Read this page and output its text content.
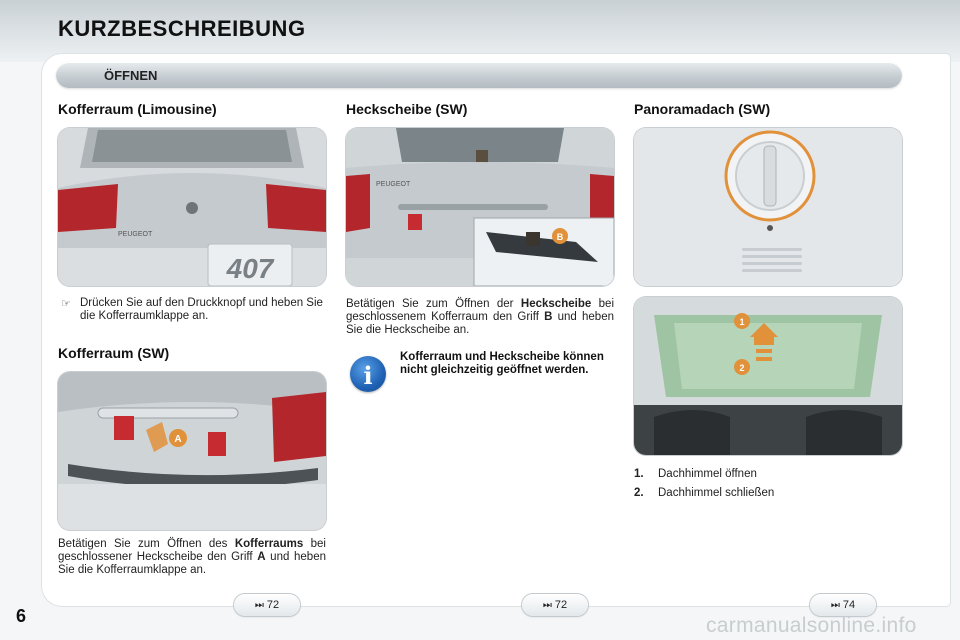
KURZBESCHREIBUNG
ÖFFNEN
Kofferraum (Limousine)	Heckscheibe (SW)	Panoramadach (SW)
PEUGEOT
407
☞ Drücken Sie auf den Druckknopf und heben Sie die Kofferraumklappe an.
Kofferraum (SW)
A
Betätigen Sie zum Öffnen des Kofferraums bei geschlossener Heckscheibe den Griff A und heben Sie die Kofferraumklappe an.
PEUGEOT
B
Betätigen Sie zum Öffnen der Heckscheibe bei geschlossenem Kofferraum den Griff B und heben Sie die Heckscheibe an.
i
Kofferraum und Heckscheibe können nicht gleichzeitig geöffnet werden.
1
2
1. Dachhimmel öffnen
2. Dachhimmel schließen
⏭ 72	⏭ 72	⏭ 74
6	carmanualsonline.info
